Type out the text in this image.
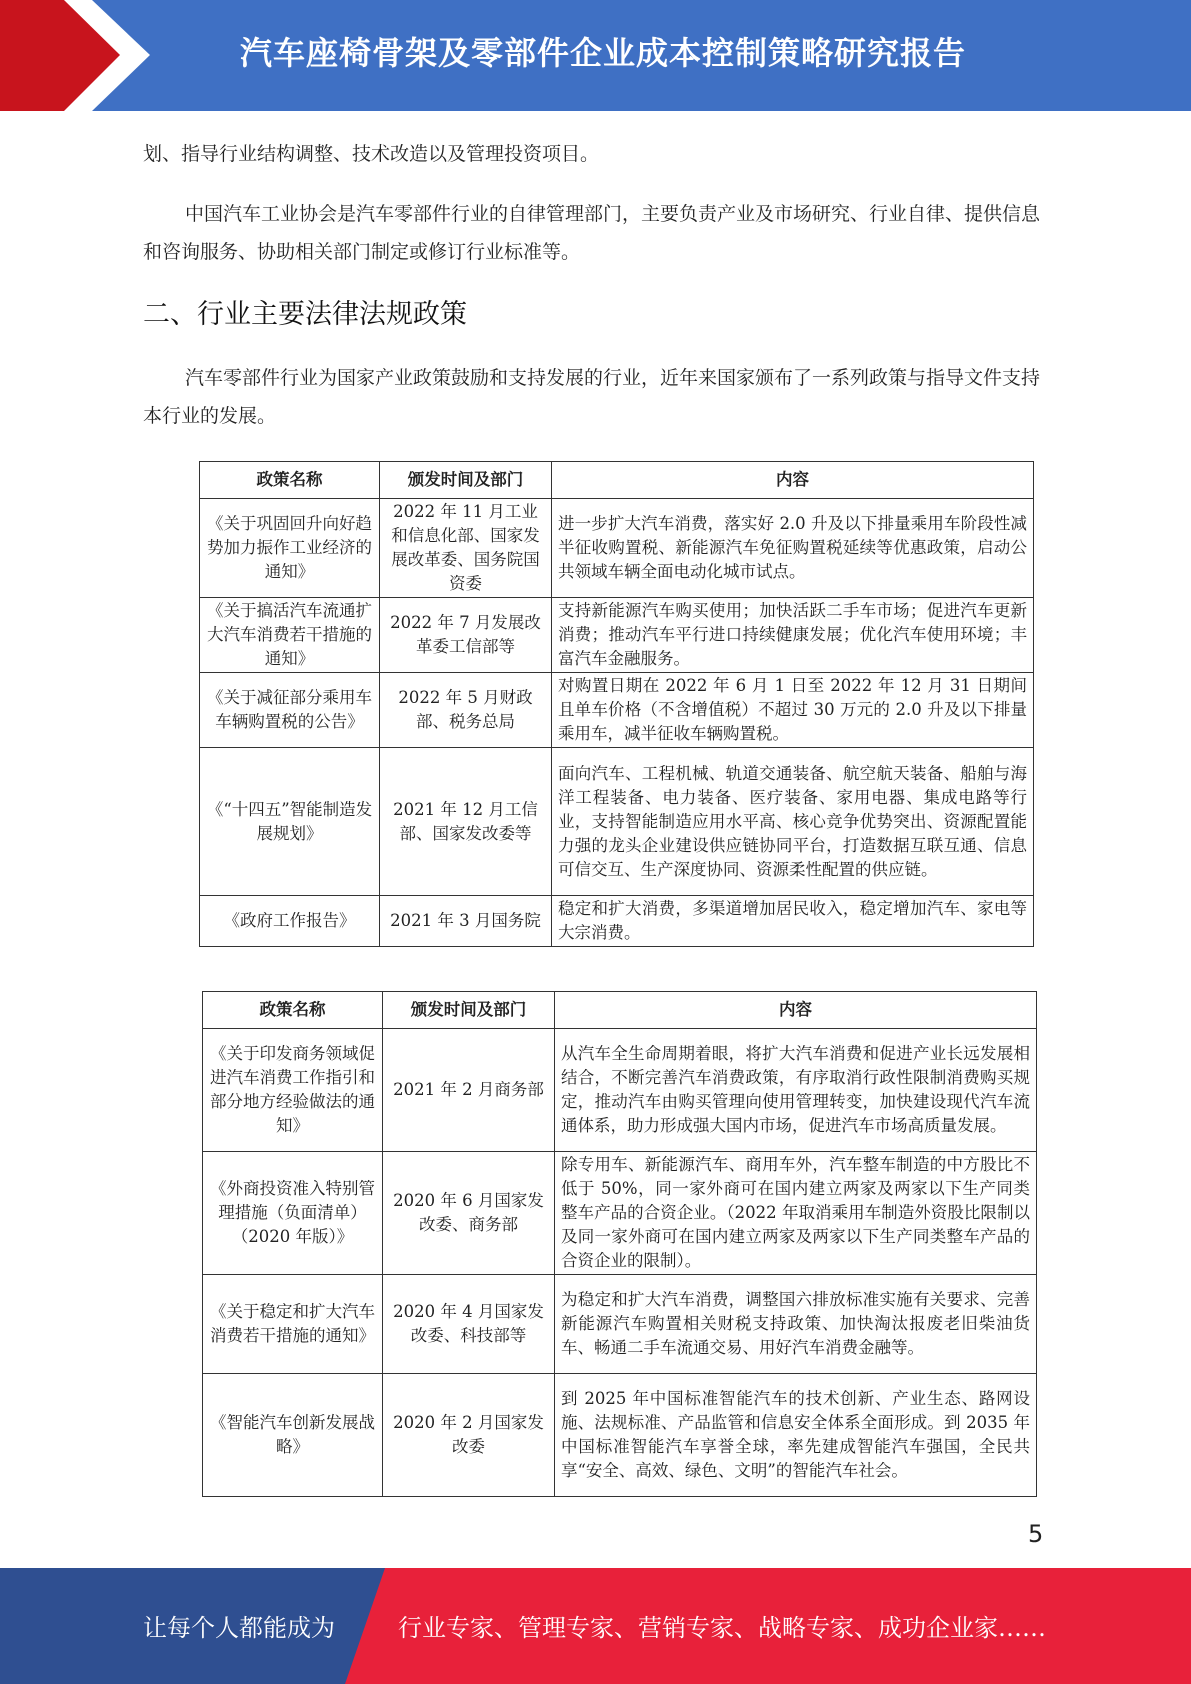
汽车座椅骨架及零部件企业成本控制策略研究报告
划、指导行业结构调整、技术改造以及管理投资项目。
中国汽车工业协会是汽车零部件行业的自律管理部门，主要负责产业及市场研究、行业自律、提供信息和咨询服务、协助相关部门制定或修订行业标准等。
二、行业主要法律法规政策
汽车零部件行业为国家产业政策鼓励和支持发展的行业，近年来国家颁布了一系列政策与指导文件支持本行业的发展。
政策名称	颁发时间及部门	内容
《关于巩固回升向好趋势加力振作工业经济的通知》	2022 年 11 月工业和信息化部、国家发展改革委、国务院国资委	进一步扩大汽车消费，落实好 2.0 升及以下排量乘用车阶段性减半征收购置税、新能源汽车免征购置税延续等优惠政策，启动公共领域车辆全面电动化城市试点。
《关于搞活汽车流通扩大汽车消费若干措施的通知》	2022 年 7 月发展改革委工信部等	支持新能源汽车购买使用；加快活跃二手车市场；促进汽车更新消费；推动汽车平行进口持续健康发展；优化汽车使用环境；丰富汽车金融服务。
《关于减征部分乘用车车辆购置税的公告》	2022 年 5 月财政部、税务总局	对购置日期在 2022 年 6 月 1 日至 2022 年 12 月 31 日期间且单车价格（不含增值税）不超过 30 万元的 2.0 升及以下排量乘用车，减半征收车辆购置税。
《“十四五”智能制造发展规划》	2021 年 12 月工信部、国家发改委等	面向汽车、工程机械、轨道交通装备、航空航天装备、船舶与海洋工程装备、电力装备、医疗装备、家用电器、集成电路等行业，支持智能制造应用水平高、核心竞争优势突出、资源配置能力强的龙头企业建设供应链协同平台，打造数据互联互通、信息可信交互、生产深度协同、资源柔性配置的供应链。
《政府工作报告》	2021 年 3 月国务院	稳定和扩大消费，多渠道增加居民收入，稳定增加汽车、家电等大宗消费。
政策名称	颁发时间及部门	内容
《关于印发商务领域促进汽车消费工作指引和部分地方经验做法的通知》	2021 年 2 月商务部	从汽车全生命周期着眼，将扩大汽车消费和促进产业长远发展相结合，不断完善汽车消费政策，有序取消行政性限制消费购买规定，推动汽车由购买管理向使用管理转变，加快建设现代汽车流通体系，助力形成强大国内市场，促进汽车市场高质量发展。
《外商投资准入特别管理措施（负面清单）（2020 年版）》	2020 年 6 月国家发改委、商务部	除专用车、新能源汽车、商用车外，汽车整车制造的中方股比不低于 50%，同一家外商可在国内建立两家及两家以下生产同类整车产品的合资企业。（2022 年取消乘用车制造外资股比限制以及同一家外商可在国内建立两家及两家以下生产同类整车产品的合资企业的限制）。
《关于稳定和扩大汽车消费若干措施的通知》	2020 年 4 月国家发改委、科技部等	为稳定和扩大汽车消费，调整国六排放标准实施有关要求、完善新能源汽车购置相关财税支持政策、加快淘汰报废老旧柴油货车、畅通二手车流通交易、用好汽车消费金融等。
《智能汽车创新发展战略》	2020 年 2 月国家发改委	到 2025 年中国标准智能汽车的技术创新、产业生态、路网设施、法规标准、产品监管和信息安全体系全面形成。到 2035 年中国标准智能汽车享誉全球，率先建成智能汽车强国，全民共享“安全、高效、绿色、文明”的智能汽车社会。
5
让每个人都能成为	行业专家、管理专家、营销专家、战略专家、成功企业家……
